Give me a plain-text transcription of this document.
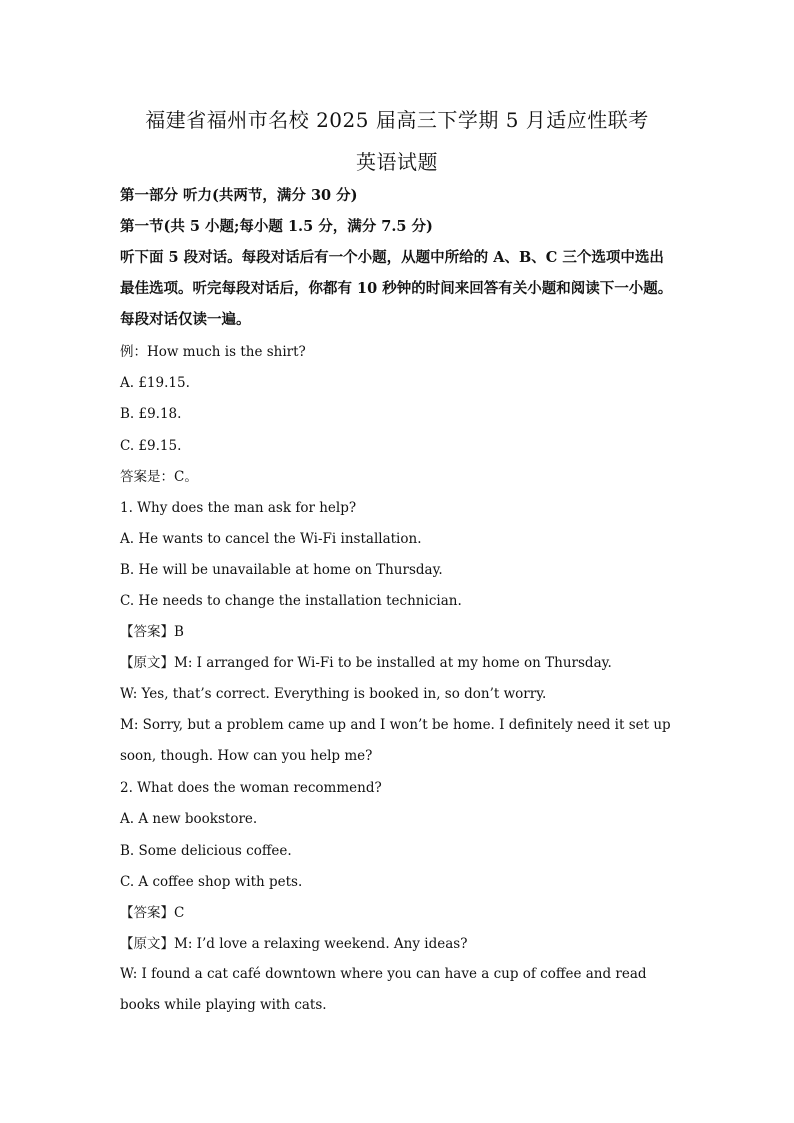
福建省福州市名校 2025 届高三下学期 5 月适应性联考
英语试题
第一部分 听力(共两节，满分 30 分)
第一节(共 5 小题;每小题 1.5 分，满分 7.5 分)
听下面 5 段对话。每段对话后有一个小题，从题中所给的 A、B、C 三个选项中选出最佳选项。听完每段对话后，你都有 10 秒钟的时间来回答有关小题和阅读下一小题。每段对话仅读一遍。
例：How much is the shirt?
A. £19.15.
B. £9.18.
C. £9.15.
答案是：C。
1. Why does the man ask for help?
A. He wants to cancel the Wi-Fi installation.
B. He will be unavailable at home on Thursday.
C. He needs to change the installation technician.
【答案】B
【原文】M: I arranged for Wi-Fi to be installed at my home on Thursday.
W: Yes, that’s correct. Everything is booked in, so don’t worry.
M: Sorry, but a problem came up and I won’t be home. I definitely need it set up soon, though. How can you help me?
2. What does the woman recommend?
A. A new bookstore.
B. Some delicious coffee.
C. A coffee shop with pets.
【答案】C
【原文】M: I’d love a relaxing weekend. Any ideas?
W: I found a cat café downtown where you can have a cup of coffee and read books while playing with cats.
